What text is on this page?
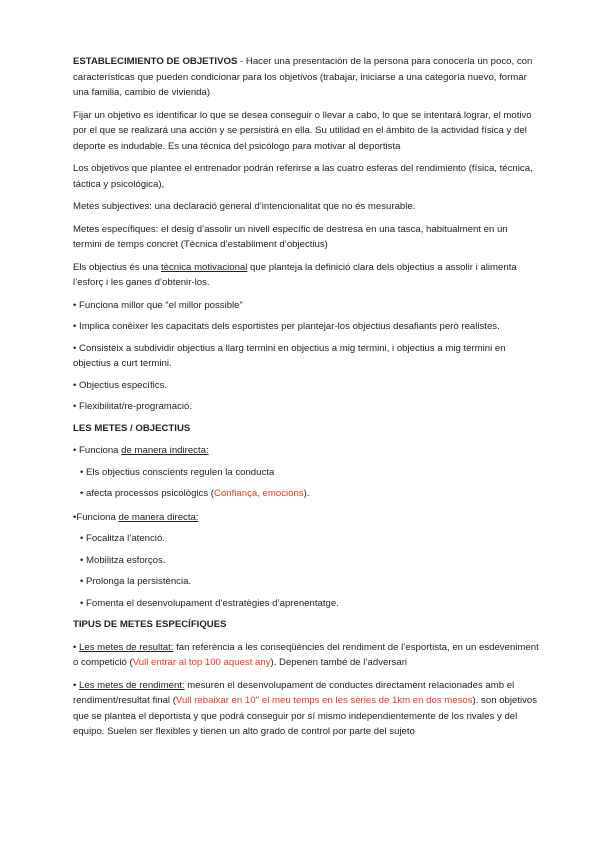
ESTABLECIMIENTO DE OBJETIVOS - Hacer una presentación de la persona para conocerla un poco, con características que pueden condicionar para los objetivos (trabajar, iniciarse a una categoría nuevo, formar una familia, cambio de vivienda)

Fijar un objetivo es identificar lo que se desea conseguir o llevar a cabo, lo que se intentará lograr, el motivo por el que se realizará una acción y se persistirá en ella. Su utilidad en el ámbito de la actividad física y del deporte es indudable. Es una técnica del psicólogo para motivar al deportista

Los objetivos que plantee el entrenador podrán referirse a las cuatro esferas del rendimiento (física, técnica, táctica y psicológica),

Metes subjectives: una declaració general d’intencionalitat que no és mesurable.

Metes específiques: el desig d’assolir un nivell específic de destresa en una tasca, habitualment en un termini de temps concret (Tècnica d’establiment d’objectius)

Els objectius és una tècnica motivacional que planteja la definició clara dels objectius a assolir i alimenta l’esforç i les ganes d’obtenir-los.

• Funciona millor que “el millor possible”

• Implica conèixer les capacitats dels esportistes per plantejar-los objectius desafiants però realistes.

• Consisteix a subdividir objectius a llarg termini en objectius a mig termini, i objectius a mig termini en objectius a curt termini.

• Objectius específics.

• Flexibilitat/re-programació.

LES METES / OBJECTIUS

• Funciona de manera indirecta:

• Els objectius conscients regulen la conducta

• afecta processos psicològics (Confiança, emocions).

•Funciona de manera directa:

• Focalitza l’atenció.

• Mobilitza esforços.

• Prolonga la persistència.

• Fomenta el desenvolupament d’estratègies d’aprenentatge.

TIPUS DE METES ESPECÍFIQUES

• Les metes de resultat: fan referència a les conseqüències del rendiment de l’esportista, en un esdeveniment o competició (Vull entrar al top 100 aquest any). Depenen també de l’adversari

• Les metes de rendiment: mesuren el desenvolupament de conductes directament relacionades amb el rendiment/resultat final (Vull rebaixar en 10'' el meu temps en les sèries de 1km en dos mesos). son objetivos que se plantea el deportista y que podrá conseguir por sí mismo independientemente de los rivales y del equipo. Suelen ser flexibles y tienen un alto grado de control por parte del sujeto
